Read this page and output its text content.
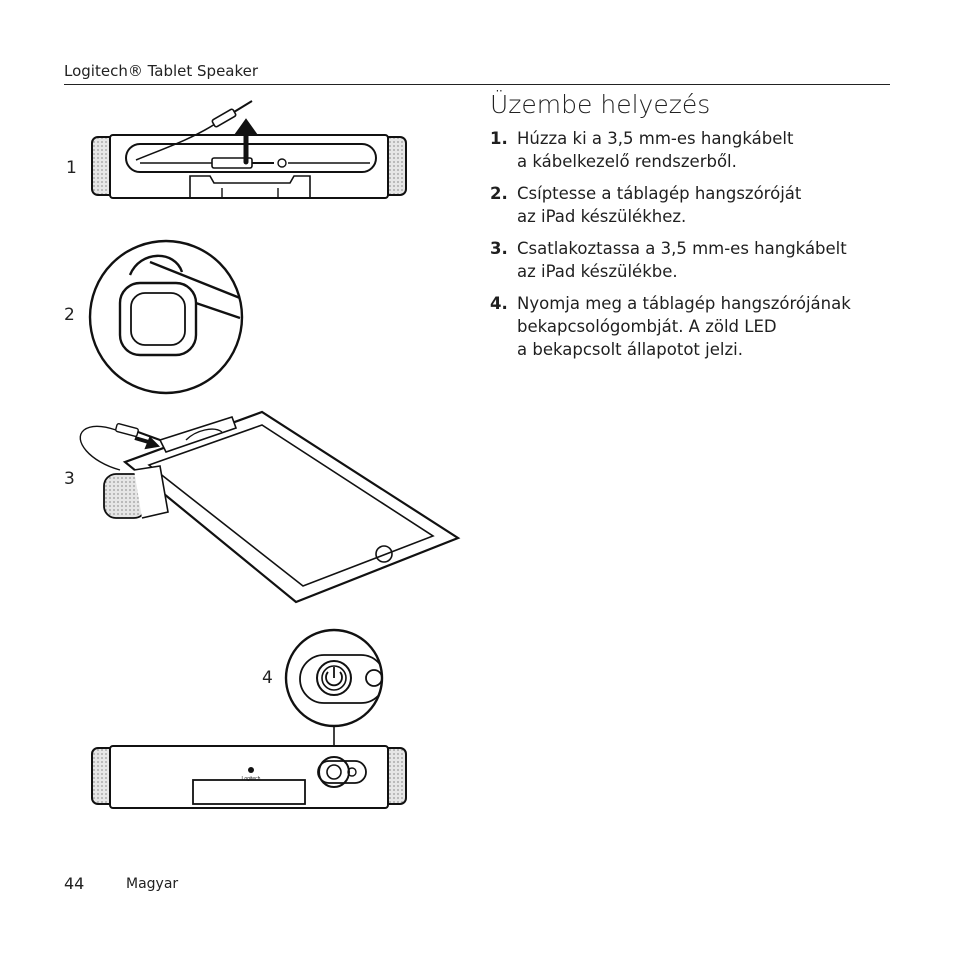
Logitech® Tablet Speaker
Üzembe helyezés
1. Húzza ki a 3,5 mm-es hangkábelt
a kábelkezelő rendszerből.
2. Csíptesse a táblagép hangszóróját
az iPad készülékhez.
3. Csatlakoztassa a 3,5 mm-es hangkábelt
az iPad készülékbe.
4. Nyomja meg a táblagép hangszórójának
bekapcsológombját. A zöld LED
a bekapcsolt állapotot jelzi.
1
2
3
4
Logitech
44	Magyar
